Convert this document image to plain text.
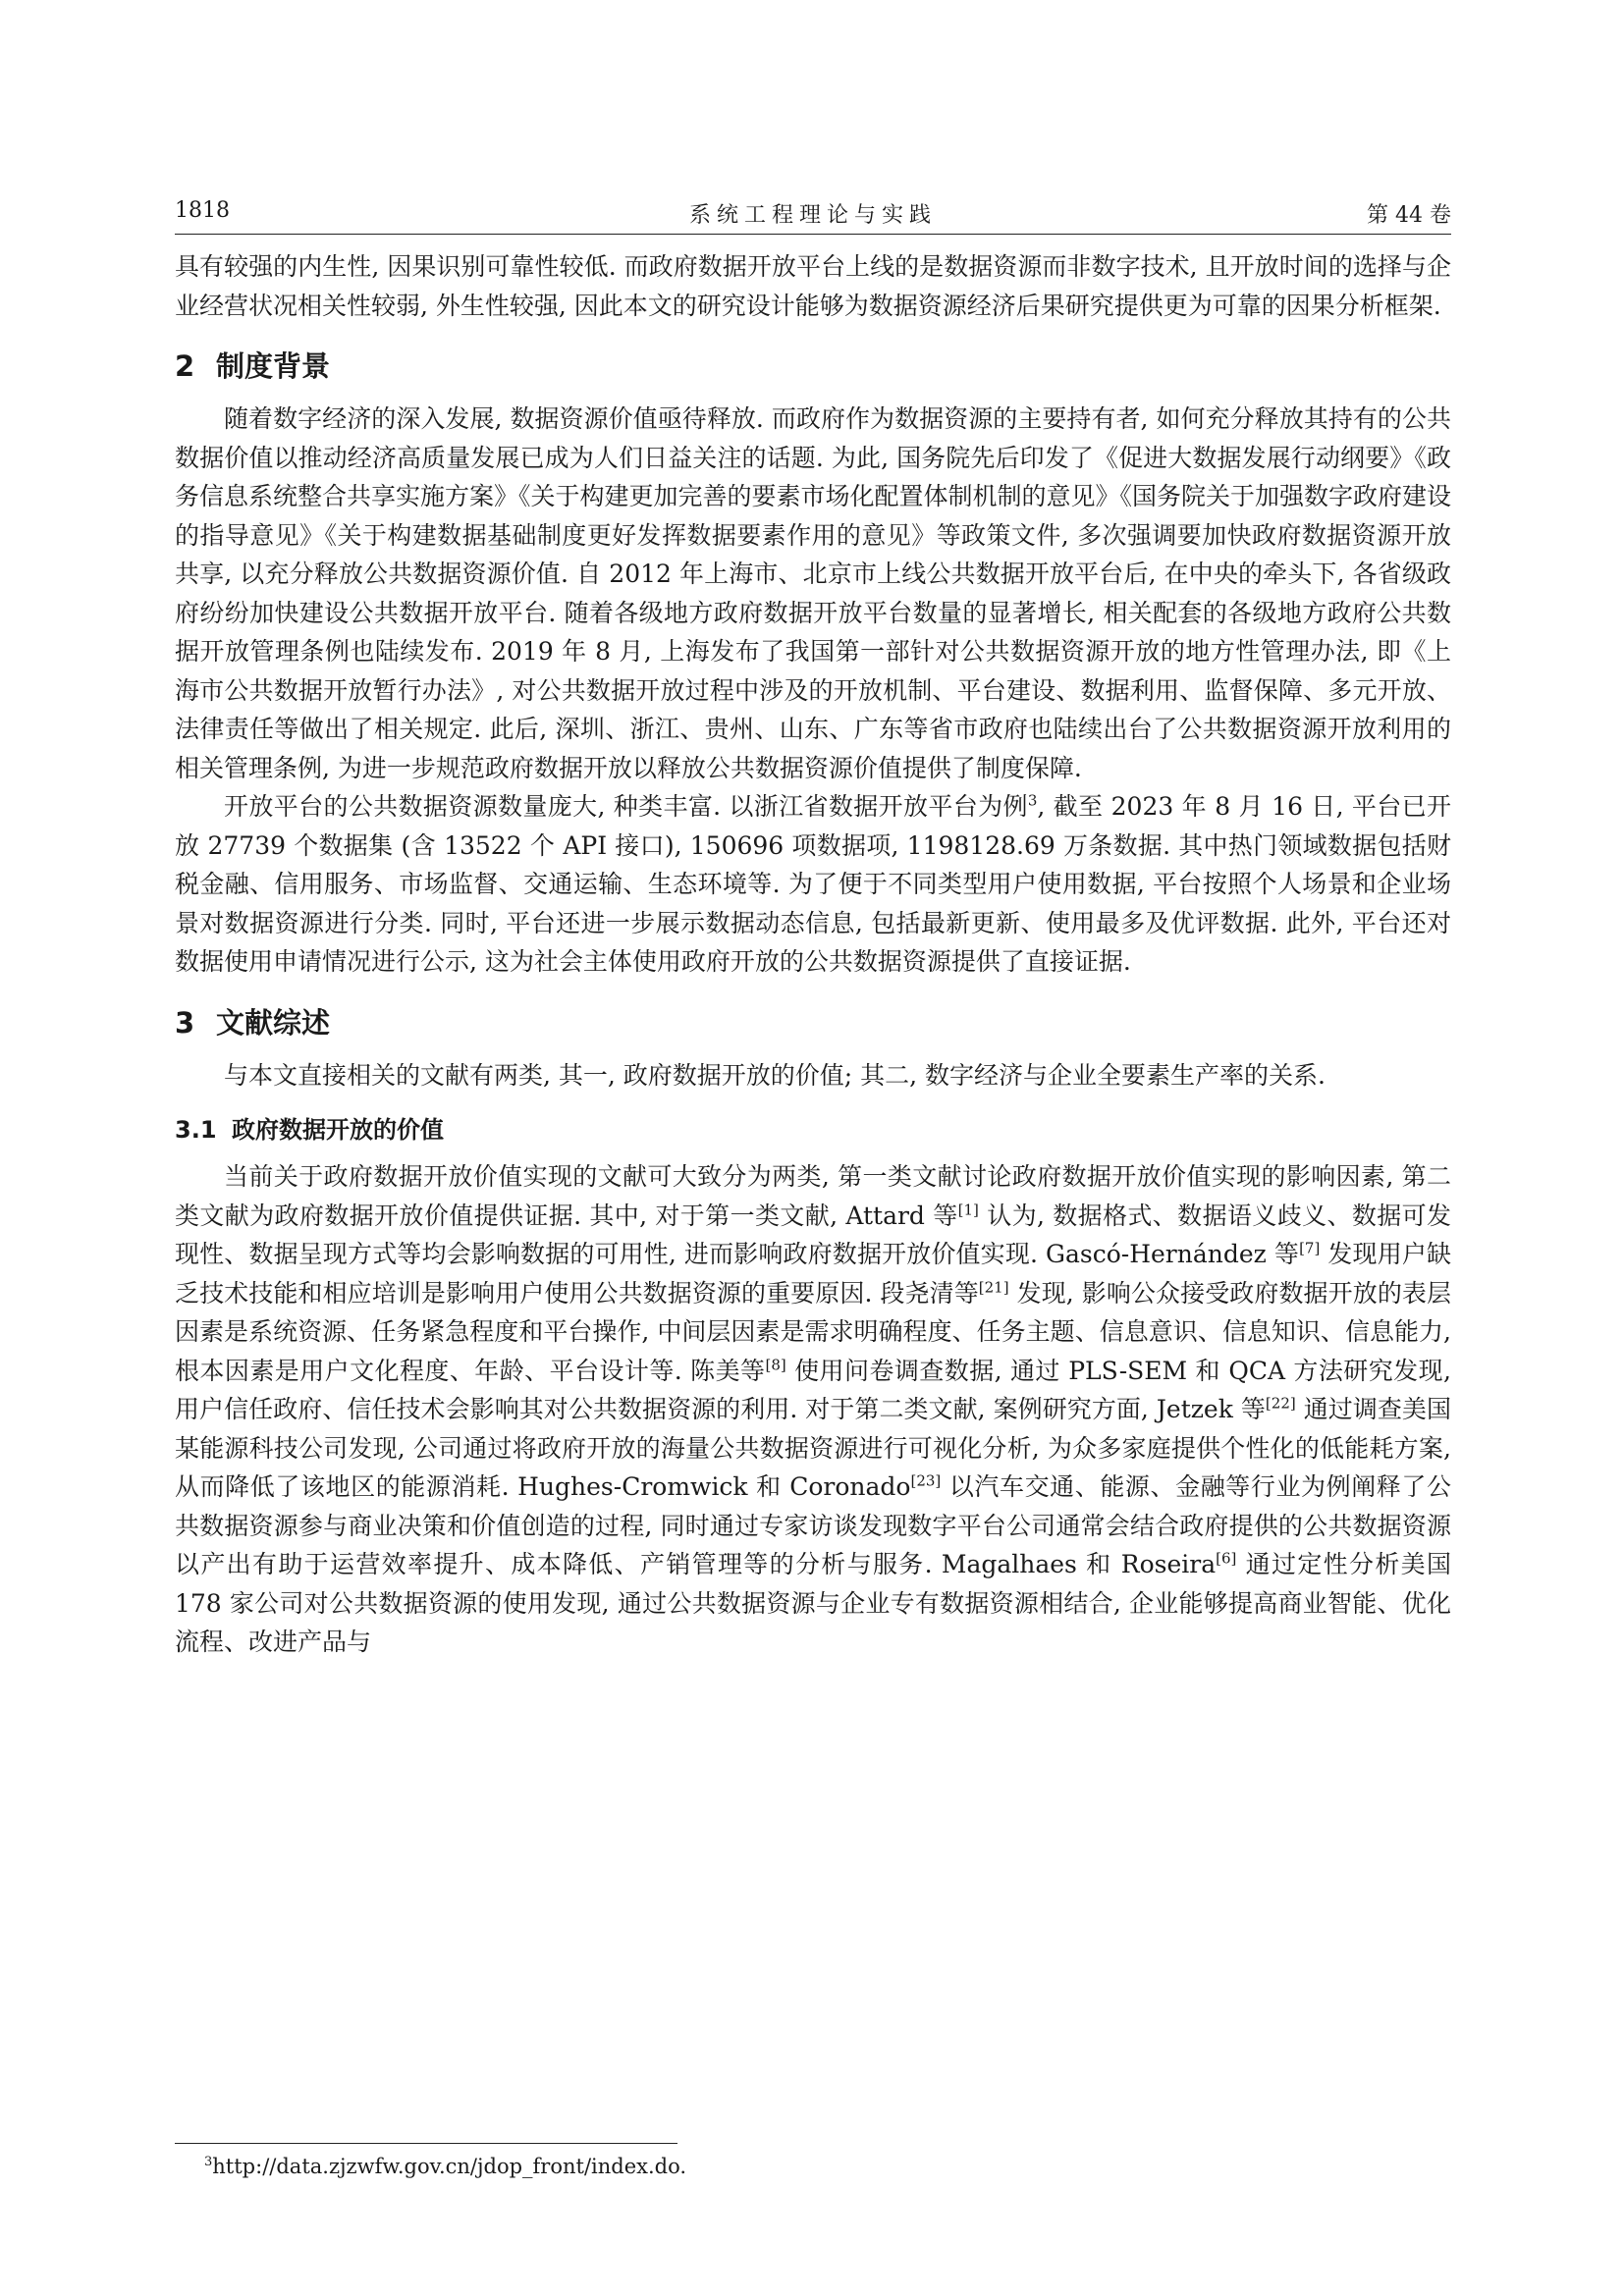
1818	系统工程理论与实践	第 44 卷

具有较强的内生性, 因果识别可靠性较低. 而政府数据开放平台上线的是数据资源而非数字技术, 且开放时间的选择与企业经营状况相关性较弱, 外生性较强, 因此本文的研究设计能够为数据资源经济后果研究提供更为可靠的因果分析框架.

2 制度背景

随着数字经济的深入发展, 数据资源价值亟待释放. 而政府作为数据资源的主要持有者, 如何充分释放其持有的公共数据价值以推动经济高质量发展已成为人们日益关注的话题. 为此, 国务院先后印发了《促进大数据发展行动纲要》《政务信息系统整合共享实施方案》《关于构建更加完善的要素市场化配置体制机制的意见》《国务院关于加强数字政府建设的指导意见》《关于构建数据基础制度更好发挥数据要素作用的意见》等政策文件, 多次强调要加快政府数据资源开放共享, 以充分释放公共数据资源价值. 自 2012 年上海市、北京市上线公共数据开放平台后, 在中央的牵头下, 各省级政府纷纷加快建设公共数据开放平台. 随着各级地方政府数据开放平台数量的显著增长, 相关配套的各级地方政府公共数据开放管理条例也陆续发布. 2019 年 8 月, 上海发布了我国第一部针对公共数据资源开放的地方性管理办法, 即《上海市公共数据开放暂行办法》, 对公共数据开放过程中涉及的开放机制、平台建设、数据利用、监督保障、多元开放、法律责任等做出了相关规定. 此后, 深圳、浙江、贵州、山东、广东等省市政府也陆续出台了公共数据资源开放利用的相关管理条例, 为进一步规范政府数据开放以释放公共数据资源价值提供了制度保障.

开放平台的公共数据资源数量庞大, 种类丰富. 以浙江省数据开放平台为例$^3$, 截至 2023 年 8 月 16 日, 平台已开放 27739 个数据集 (含 13522 个 API 接口), 150696 项数据项, 1198128.69 万条数据. 其中热门领域数据包括财税金融、信用服务、市场监督、交通运输、生态环境等. 为了便于不同类型用户使用数据, 平台按照个人场景和企业场景对数据资源进行分类. 同时, 平台还进一步展示数据动态信息, 包括最新更新、使用最多及优评数据. 此外, 平台还对数据使用申请情况进行公示, 这为社会主体使用政府开放的公共数据资源提供了直接证据.

3 文献综述

与本文直接相关的文献有两类, 其一, 政府数据开放的价值; 其二, 数字经济与企业全要素生产率的关系.

3.1 政府数据开放的价值

当前关于政府数据开放价值实现的文献可大致分为两类, 第一类文献讨论政府数据开放价值实现的影响因素, 第二类文献为政府数据开放价值提供证据. 其中, 对于第一类文献, Attard 等[1] 认为, 数据格式、数据语义歧义、数据可发现性、数据呈现方式等均会影响数据的可用性, 进而影响政府数据开放价值实现. Gascó-Hernández 等[7] 发现用户缺乏技术技能和相应培训是影响用户使用公共数据资源的重要原因. 段尧清等[21] 发现, 影响公众接受政府数据开放的表层因素是系统资源、任务紧急程度和平台操作, 中间层因素是需求明确程度、任务主题、信息意识、信息知识、信息能力, 根本因素是用户文化程度、年龄、平台设计等. 陈美等[8] 使用问卷调查数据, 通过 PLS-SEM 和 QCA 方法研究发现, 用户信任政府、信任技术会影响其对公共数据资源的利用. 对于第二类文献, 案例研究方面, Jetzek 等[22] 通过调查美国某能源科技公司发现, 公司通过将政府开放的海量公共数据资源进行可视化分析, 为众多家庭提供个性化的低能耗方案, 从而降低了该地区的能源消耗. Hughes-Cromwick 和 Coronado[23] 以汽车交通、能源、金融等行业为例阐释了公共数据资源参与商业决策和价值创造的过程, 同时通过专家访谈发现数字平台公司通常会结合政府提供的公共数据资源以产出有助于运营效率提升、成本降低、产销管理等的分析与服务. Magalhaes 和 Roseira[6] 通过定性分析美国 178 家公司对公共数据资源的使用发现, 通过公共数据资源与企业专有数据资源相结合, 企业能够提高商业智能、优化流程、改进产品与

$^3$http://data.zjzwfw.gov.cn/jdop_front/index.do.
